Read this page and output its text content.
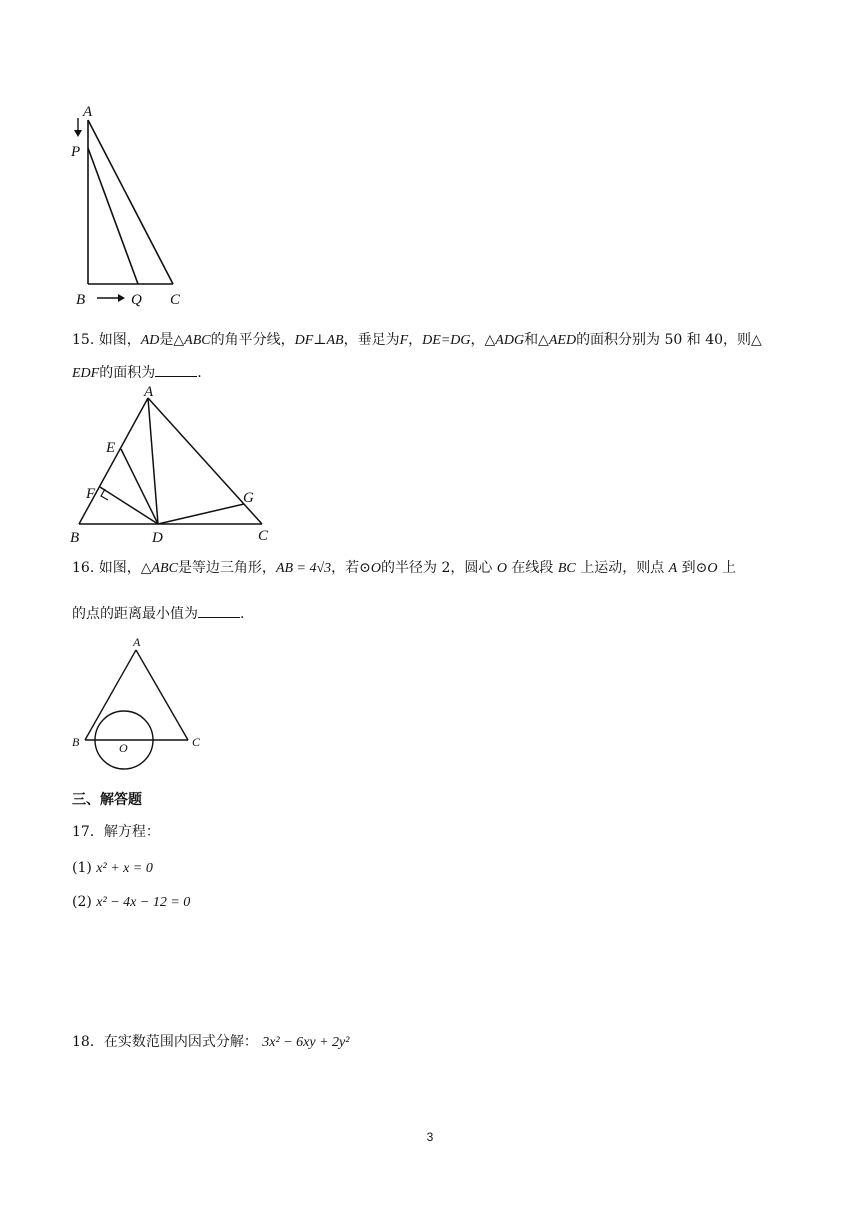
A
P
B	Q C
15. 如图，AD是△ABC的角平分线，DF⊥AB，垂足为F，DE=DG，△ADG和△AED的面积分别为 50 和 40，则△
EDF的面积为	.
A
E
F
B	D
G
C
16. 如图，△ABC是等边三角形，AB = 4√3，若⊙O的半径为 2，圆心 O 在线段 BC 上运动，则点 A 到⊙O 上
的点的距离最小值为	.
A
B	O	C
三、解答题
17．解方程：
(1) x² + x = 0
(2) x² − 4x − 12 = 0
18．在实数范围内因式分解： 3x² − 6xy + 2y²
3
